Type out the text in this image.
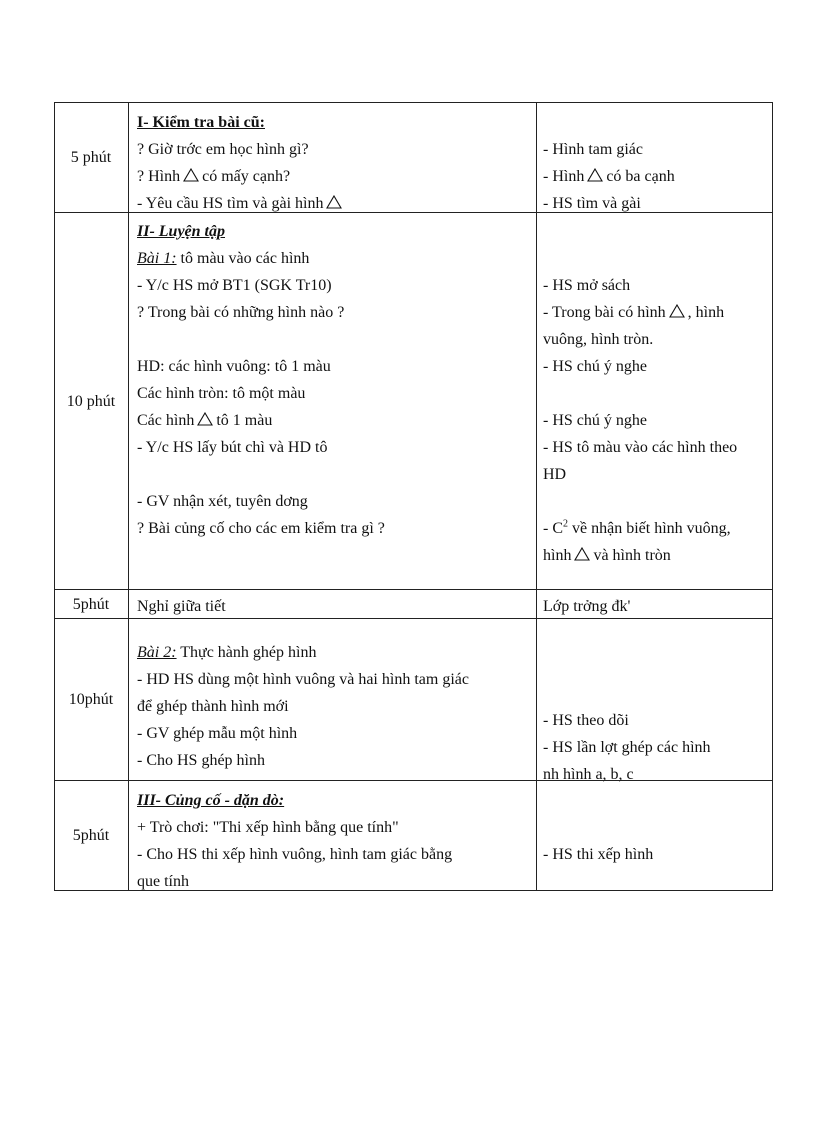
5 phút
I- Kiểm tra bài cũ:
? Giờ trớc em học hình gì?
? Hình có mấy cạnh?
- Yêu cầu HS tìm và gài hình
- Hình tam giác
- Hình có ba cạnh
- HS tìm và gài
10 phút
II- Luyện tập
Bài 1: tô màu vào các hình
- Y/c HS mở BT1 (SGK Tr10)
? Trong bài có những hình nào ?
HD: các hình vuông: tô 1 màu
Các hình tròn: tô một màu
Các hình tô 1 màu
- Y/c HS lấy bút chì và HD tô
- GV nhận xét, tuyên dơng
? Bài củng cố cho các em kiểm tra gì ?
- HS mở sách
- Trong bài có hình , hình
vuông, hình tròn.
- HS chú ý nghe
- HS chú ý nghe
- HS tô màu vào các hình theo
HD
- $C^2$ về nhận biết hình vuông,
hình và hình tròn
5phút	Nghỉ giữa tiết	Lớp trởng đk'
10phút
Bài 2: Thực hành ghép hình
- HD HS dùng một hình vuông và hai hình tam giác
để ghép thành hình mới
- GV ghép mẫu một hình
- Cho HS ghép hình
- HS theo dõi
- HS lần lợt ghép các hình
nh hình a, b, c
5phút
III- Củng cố - dặn dò:
+ Trò chơi: "Thi xếp hình bằng que tính"
- Cho HS thi xếp hình vuông, hình tam giác bằng
que tính
- HS thi xếp hình
